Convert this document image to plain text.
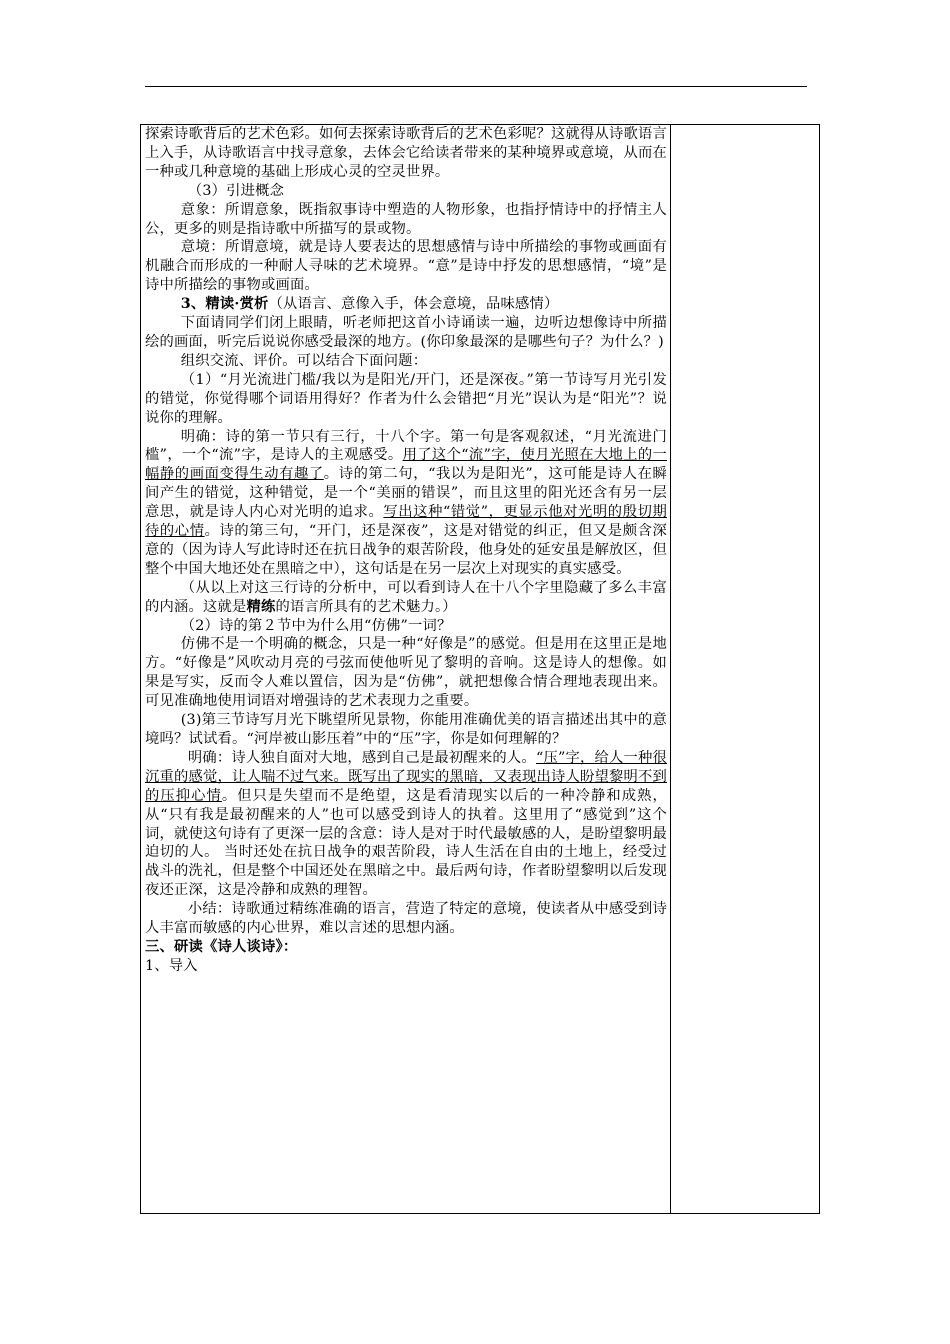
探索诗歌背后的艺术色彩。如何去探索诗歌背后的艺术色彩呢？这就得从诗歌语言上入手，从诗歌语言中找寻意象，去体会它给读者带来的某种境界或意境，从而在一种或几种意境的基础上形成心灵的空灵世界。

（3）引进概念

意象：所谓意象，既指叙事诗中塑造的人物形象，也指抒情诗中的抒情主人公，更多的则是指诗歌中所描写的景或物。

意境：所谓意境，就是诗人要表达的思想感情与诗中所描绘的事物或画面有机融合而形成的一种耐人寻味的艺术境界。“意”是诗中抒发的思想感情，“境”是诗中所描绘的事物或画面。

3、精读·赏析（从语言、意像入手，体会意境，品味感情）

下面请同学们闭上眼睛，听老师把这首小诗诵读一遍，边听边想像诗中所描绘的画面，听完后说说你感受最深的地方。(你印象最深的是哪些句子？为什么？)

组织交流、评价。可以结合下面问题：

（1）“月光流进门槛/我以为是阳光/开门，还是深夜。”第一节诗写月光引发的错觉，你觉得哪个词语用得好？作者为什么会错把“月光”误认为是“阳光”？说说你的理解。

明确：诗的第一节只有三行，十八个字。第一句是客观叙述，“月光流进门槛”，一个“流”字，是诗人的主观感受。用了这个“流”字，使月光照在大地上的一幅静的画面变得生动有趣了。诗的第二句，“我以为是阳光”，这可能是诗人在瞬间产生的错觉，这种错觉，是一个“美丽的错误”，而且这里的阳光还含有另一层意思，就是诗人内心对光明的追求。写出这种“错觉”，更显示他对光明的殷切期待的心情。诗的第三句，“开门，还是深夜”，这是对错觉的纠正，但又是颇含深意的（因为诗人写此诗时还在抗日战争的艰苦阶段，他身处的延安虽是解放区，但整个中国大地还处在黑暗之中），这句话是在另一层次上对现实的真实感受。

（从以上对这三行诗的分析中，可以看到诗人在十八个字里隐藏了多么丰富的内涵。这就是精练的语言所具有的艺术魅力。）

（2）诗的第２节中为什么用“仿佛”一词？

仿佛不是一个明确的概念，只是一种“好像是”的感觉。但是用在这里正是地方。“好像是”风吹动月亮的弓弦而使他听见了黎明的音响。这是诗人的想像。如果是写实，反而令人难以置信，因为是“仿佛”，就把想像合情合理地表现出来。可见准确地使用词语对增强诗的艺术表现力之重要。

(3)第三节诗写月光下眺望所见景物，你能用准确优美的语言描述出其中的意境吗？试试看。“河岸被山影压着”中的“压”字，你是如何理解的？

明确：诗人独自面对大地，感到自己是最初醒来的人。“压”字，给人一种很沉重的感觉，让人喘不过气来。既写出了现实的黑暗，又表现出诗人盼望黎明不到的压抑心情。但只是失望而不是绝望，这是看清现实以后的一种冷静和成熟，从“只有我是最初醒来的人”也可以感受到诗人的执着。这里用了“感觉到”这个词，就使这句诗有了更深一层的含意：诗人是对于时代最敏感的人，是盼望黎明最迫切的人。 当时还处在抗日战争的艰苦阶段，诗人生活在自由的土地上，经受过战斗的洗礼，但是整个中国还处在黑暗之中。最后两句诗，作者盼望黎明以后发现夜还正深，这是冷静和成熟的理智。

小结：诗歌通过精练准确的语言，营造了特定的意境，使读者从中感受到诗人丰富而敏感的内心世界，难以言述的思想内涵。

三、研读《诗人谈诗》：

1、导入
